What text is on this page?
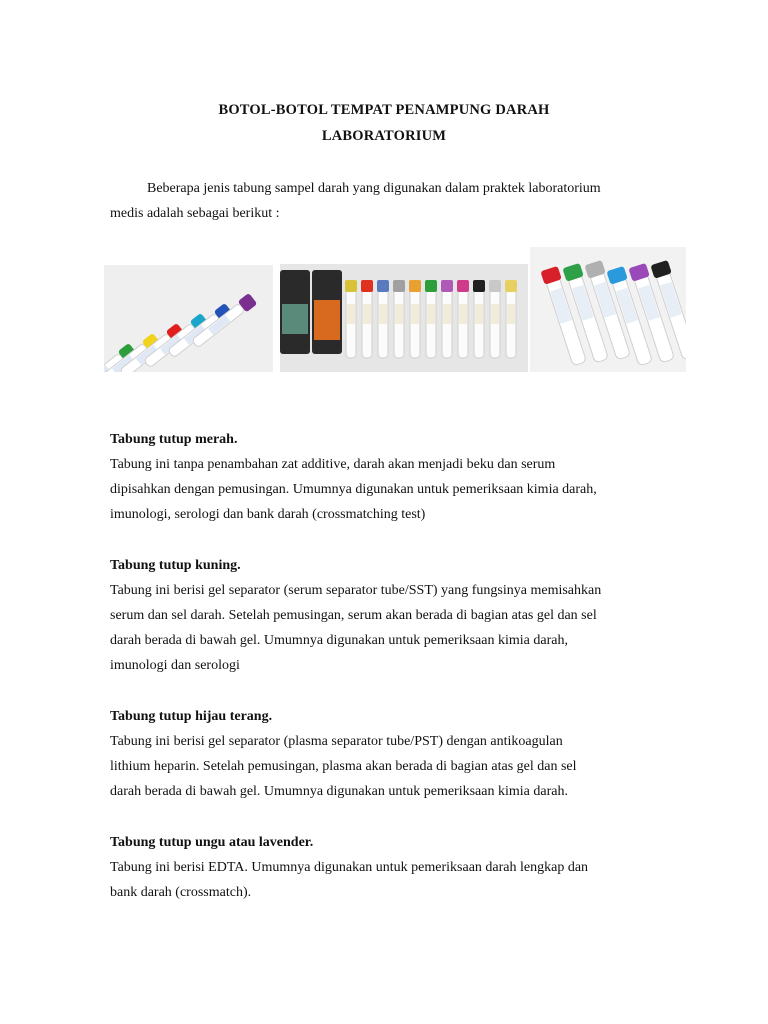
BOTOL-BOTOL TEMPAT PENAMPUNG DARAH
LABORATORIUM
Beberapa jenis tabung sampel darah yang digunakan dalam praktek laboratorium
medis adalah sebagai berikut :
Tabung tutup merah.

Tabung ini tanpa penambahan zat additive, darah akan menjadi beku dan serum

dipisahkan dengan pemusingan. Umumnya digunakan untuk pemeriksaan kimia darah,

imunologi, serologi dan bank darah (crossmatching test)

Tabung tutup kuning.

Tabung ini berisi gel separator (serum separator tube/SST) yang fungsinya memisahkan

serum dan sel darah. Setelah pemusingan, serum akan berada di bagian atas gel dan sel

darah berada di bawah gel. Umumnya digunakan untuk pemeriksaan kimia darah,

imunologi dan serologi

Tabung tutup hijau terang.

Tabung ini berisi gel separator (plasma separator tube/PST) dengan antikoagulan

lithium heparin. Setelah pemusingan, plasma akan berada di bagian atas gel dan sel

darah berada di bawah gel. Umumnya digunakan untuk pemeriksaan kimia darah.

Tabung tutup ungu atau lavender.

Tabung ini berisi EDTA. Umumnya digunakan untuk pemeriksaan darah lengkap dan

bank darah (crossmatch).
